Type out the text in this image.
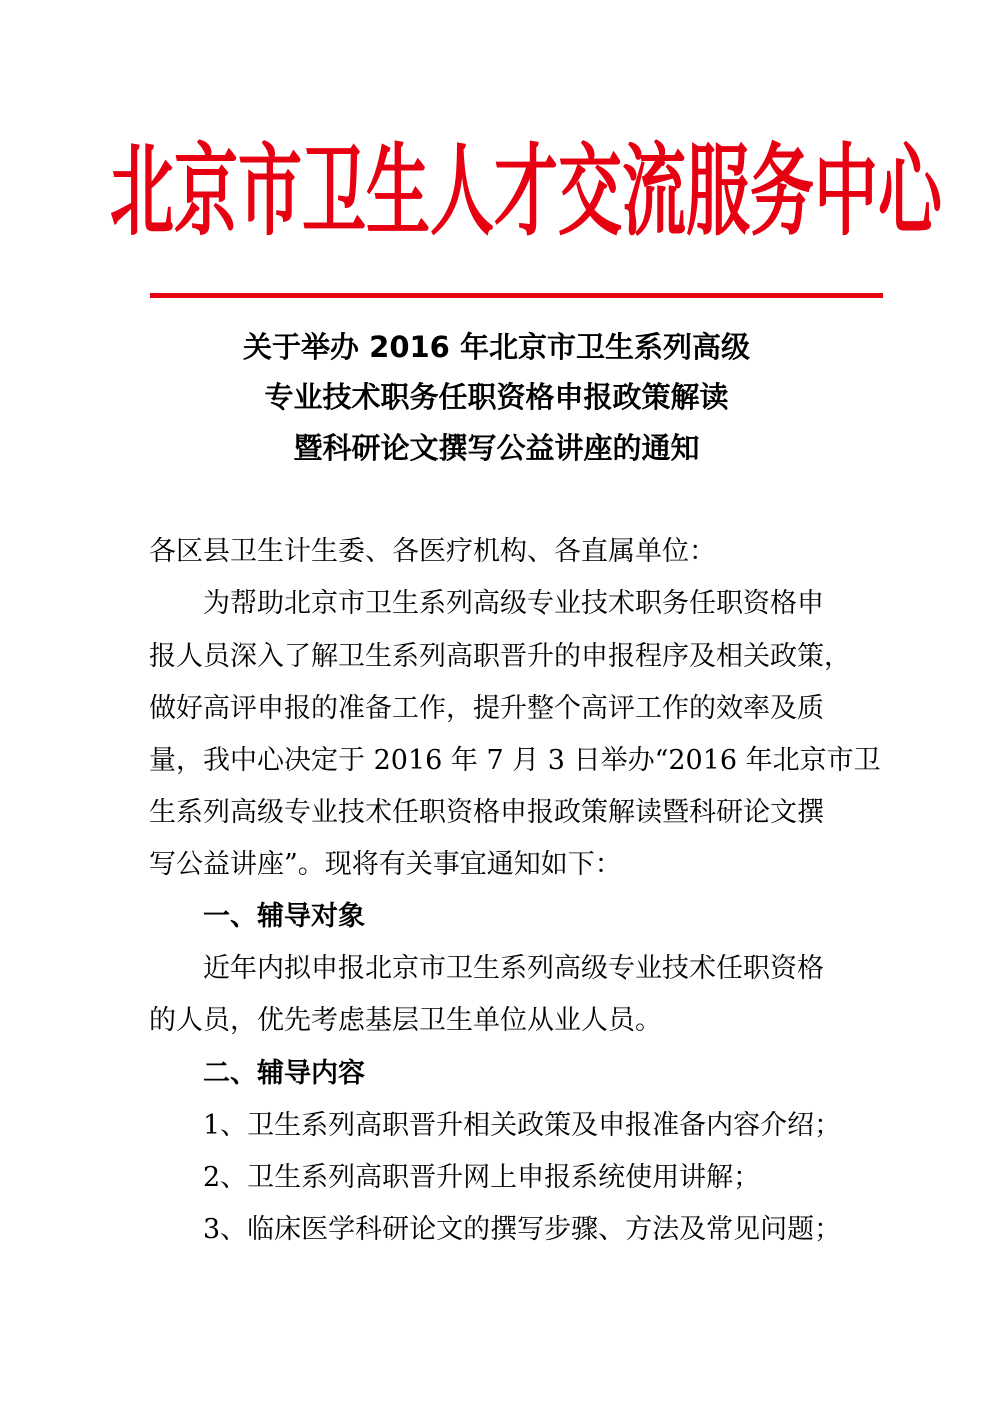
北京市卫生人才交流服务中心
关于举办 2016 年北京市卫生系列高级
专业技术职务任职资格申报政策解读
暨科研论文撰写公益讲座的通知
各区县卫生计生委、各医疗机构、各直属单位：
为帮助北京市卫生系列高级专业技术职务任职资格申
报人员深入了解卫生系列高职晋升的申报程序及相关政策，
做好高评申报的准备工作，提升整个高评工作的效率及质
量，我中心决定于 2016 年 7 月 3 日举办“2016 年北京市卫
生系列高级专业技术任职资格申报政策解读暨科研论文撰
写公益讲座”。现将有关事宜通知如下：
一、辅导对象
近年内拟申报北京市卫生系列高级专业技术任职资格
的人员，优先考虑基层卫生单位从业人员。
二、辅导内容
1、卫生系列高职晋升相关政策及申报准备内容介绍；
2、卫生系列高职晋升网上申报系统使用讲解；
3、临床医学科研论文的撰写步骤、方法及常见问题；
